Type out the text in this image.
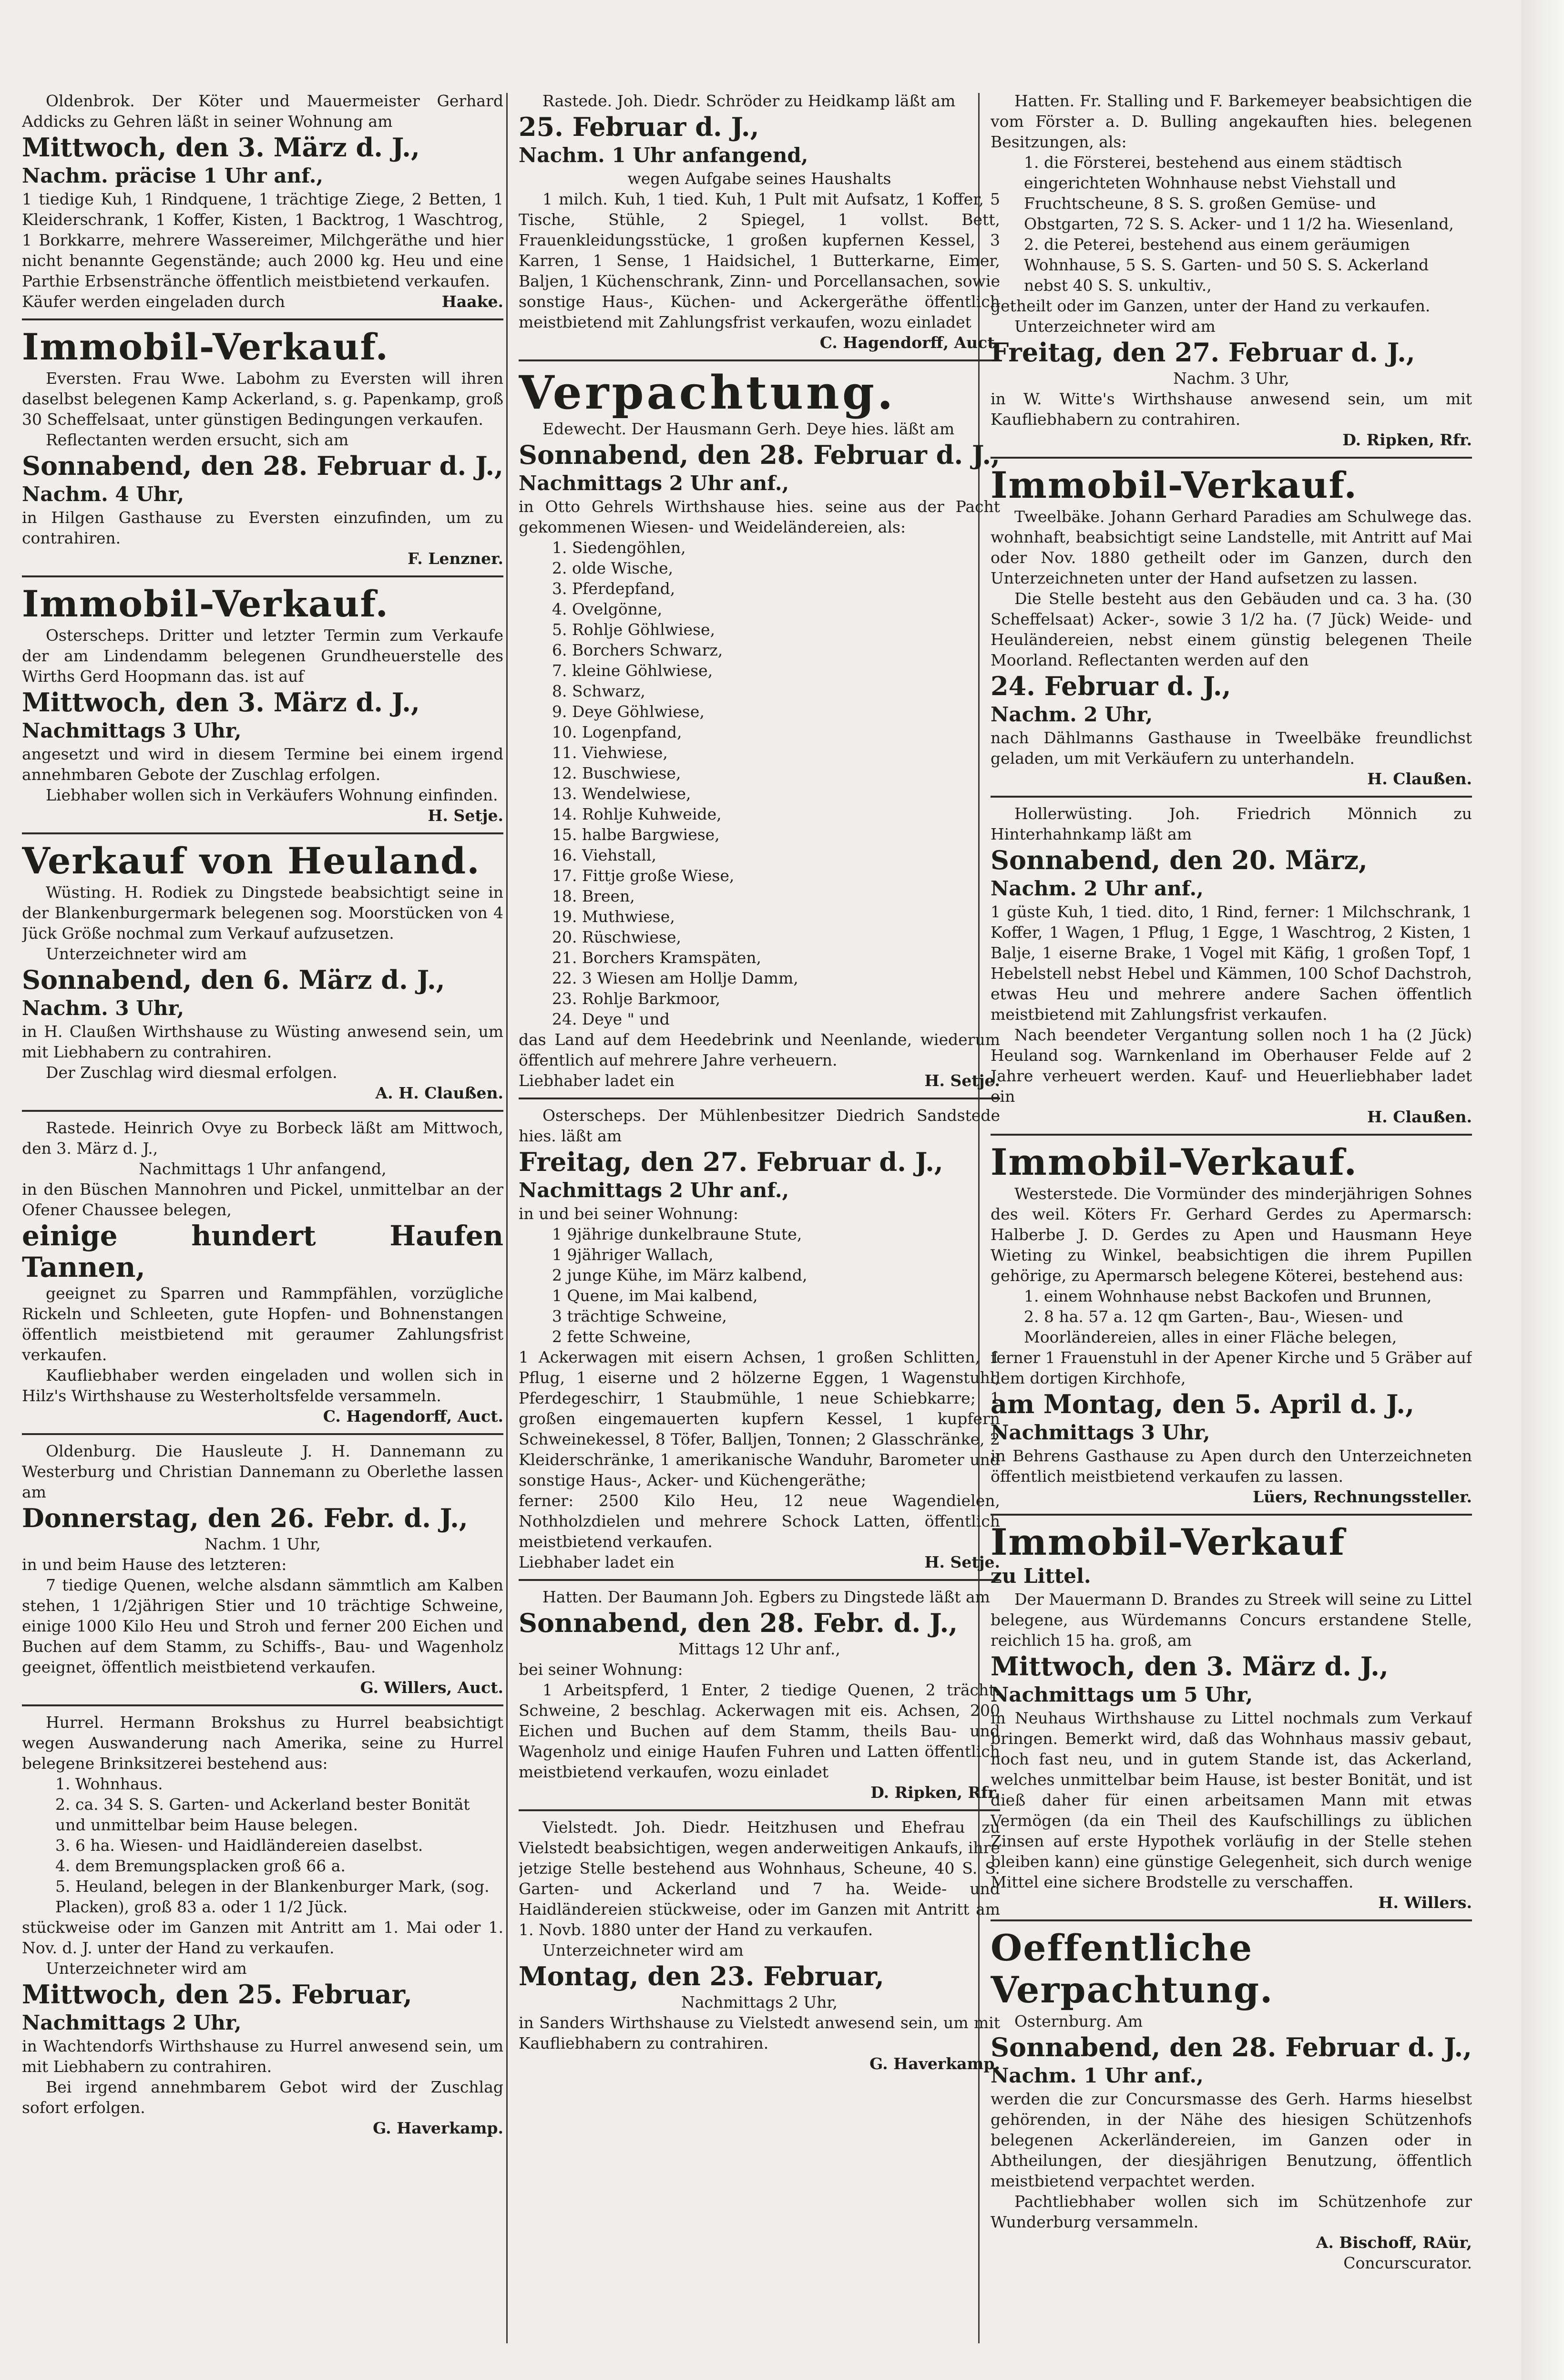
Oldenbrok. Der Köter und Mauermeister Gerhard Addicks zu Gehren läßt in seiner Wohnung am

Mittwoch, den 3. März d. J.,

Nachm. präcise 1 Uhr anf.,

1 tiedige Kuh, 1 Rindquene, 1 trächtige Ziege, 2 Betten, 1 Kleiderschrank, 1 Koffer, Kisten, 1 Backtrog, 1 Waschtrog, 1 Borkkarre, mehrere Wassereimer, Milchgeräthe und hier nicht benannte Gegenstände; auch 2000 kg. Heu und eine Parthie Erbsenstränche öffentlich meistbietend verkaufen.

Käufer werden eingeladen durch	Haake.

Immobil-Verkauf.

Eversten. Frau Wwe. Labohm zu Eversten will ihren daselbst belegenen Kamp Ackerland, s. g. Papenkamp, groß 30 Scheffelsaat, unter günstigen Bedingungen verkaufen.

Reflectanten werden ersucht, sich am

Sonnabend, den 28. Februar d. J.,

Nachm. 4 Uhr,

in Hilgen Gasthause zu Eversten einzufinden, um zu contrahiren.

F. Lenzner.

Immobil-Verkauf.

Osterscheps. Dritter und letzter Termin zum Verkaufe der am Lindendamm belegenen Grundheuerstelle des Wirths Gerd Hoopmann das. ist auf

Mittwoch, den 3. März d. J.,

Nachmittags 3 Uhr,

angesetzt und wird in diesem Termine bei einem irgend annehmbaren Gebote der Zuschlag erfolgen.

Liebhaber wollen sich in Verkäufers Wohnung einfinden.

H. Setje.

Verkauf von Heuland.

Wüsting. H. Rodiek zu Dingstede beabsichtigt seine in der Blankenburgermark belegenen sog. Moorstücken von 4 Jück Größe nochmal zum Verkauf aufzusetzen.

Unterzeichneter wird am

Sonnabend, den 6. März d. J.,

Nachm. 3 Uhr,

in H. Claußen Wirthshause zu Wüsting anwesend sein, um mit Liebhabern zu contrahiren.

Der Zuschlag wird diesmal erfolgen.

A. H. Claußen.

Rastede. Heinrich Ovye zu Borbeck läßt am Mittwoch, den 3. März d. J.,

Nachmittags 1 Uhr anfangend,

in den Büschen Mannohren und Pickel, unmittelbar an der Ofener Chaussee belegen,

einige hundert Haufen Tannen,

geeignet zu Sparren und Rammpfählen, vorzügliche Rickeln und Schleeten, gute Hopfen- und Bohnenstangen öffentlich meistbietend mit geraumer Zahlungsfrist verkaufen.

Kaufliebhaber werden eingeladen und wollen sich in Hilz's Wirthshause zu Westerholtsfelde versammeln.

C. Hagendorff, Auct.

Oldenburg. Die Hausleute J. H. Dannemann zu Westerburg und Christian Dannemann zu Oberlethe lassen am

Donnerstag, den 26. Febr. d. J.,

Nachm. 1 Uhr,

in und beim Hause des letzteren:

7 tiedige Quenen, welche alsdann sämmtlich am Kalben stehen, 1 1/2jährigen Stier und 10 trächtige Schweine, einige 1000 Kilo Heu und Stroh und ferner 200 Eichen und Buchen auf dem Stamm, zu Schiffs-, Bau- und Wagenholz geeignet, öffentlich meistbietend verkaufen.

G. Willers, Auct.

Hurrel. Hermann Brokshus zu Hurrel beabsichtigt wegen Auswanderung nach Amerika, seine zu Hurrel belegene Brinksitzerei bestehend aus:

1. Wohnhaus.
2. ca. 34 S. S. Garten- und Ackerland bester Bonität und unmittelbar beim Hause belegen.
3. 6 ha. Wiesen- und Haidländereien daselbst.
4. dem Bremungsplacken groß 66 a.
5. Heuland, belegen in der Blankenburger Mark, (sog. Placken), groß 83 a. oder 1 1/2 Jück.

stückweise oder im Ganzen mit Antritt am 1. Mai oder 1. Nov. d. J. unter der Hand zu verkaufen.

Unterzeichneter wird am

Mittwoch, den 25. Februar,

Nachmittags 2 Uhr,

in Wachtendorfs Wirthshause zu Hurrel anwesend sein, um mit Liebhabern zu contrahiren.

Bei irgend annehmbarem Gebot wird der Zuschlag sofort erfolgen.

G. Haverkamp.

Rastede. Joh. Diedr. Schröder zu Heidkamp läßt am

25. Februar d. J.,

Nachm. 1 Uhr anfangend,

wegen Aufgabe seines Haushalts

1 milch. Kuh, 1 tied. Kuh, 1 Pult mit Aufsatz, 1 Koffer, 5 Tische, Stühle, 2 Spiegel, 1 vollst. Bett, Frauenkleidungsstücke, 1 großen kupfernen Kessel, 3 Karren, 1 Sense, 1 Haidsichel, 1 Butterkarne, Eimer, Baljen, 1 Küchenschrank, Zinn- und Porcellansachen, sowie sonstige Haus-, Küchen- und Ackergeräthe öffentlich meistbietend mit Zahlungsfrist verkaufen, wozu einladet

C. Hagendorff, Auct.

Verpachtung.

Edewecht. Der Hausmann Gerh. Deye hies. läßt am

Sonnabend, den 28. Februar d. J.,

Nachmittags 2 Uhr anf.,

in Otto Gehrels Wirthshause hies. seine aus der Pacht gekommenen Wiesen- und Weideländereien, als:

1. Siedengöhlen,
2. olde Wische,
3. Pferdepfand,
4. Ovelgönne,
5. Rohlje Göhlwiese,
6. Borchers Schwarz,
7. kleine Göhlwiese,
8. Schwarz,
9. Deye Göhlwiese,
10. Logenpfand,
11. Viehwiese,
12. Buschwiese,
13. Wendelwiese,
14. Rohlje Kuhweide,
15. halbe Bargwiese,
16. Viehstall,
17. Fittje große Wiese,
18. Breen,
19. Muthwiese,
20. Rüschwiese,
21. Borchers Kramspäten,
22. 3 Wiesen am Hollje Damm,
23. Rohlje Barkmoor,
24. Deye " und

das Land auf dem Heedebrink und Neenlande, wiederum öffentlich auf mehrere Jahre verheuern.

Liebhaber ladet ein	H. Setje.

Osterscheps. Der Mühlenbesitzer Diedrich Sandstede hies. läßt am

Freitag, den 27. Februar d. J.,

Nachmittags 2 Uhr anf.,

in und bei seiner Wohnung:

1 9jährige dunkelbraune Stute,
1 9jähriger Wallach,
2 junge Kühe, im März kalbend,
1 Quene, im Mai kalbend,
3 trächtige Schweine,
2 fette Schweine,

1 Ackerwagen mit eisern Achsen, 1 großen Schlitten, 1 Pflug, 1 eiserne und 2 hölzerne Eggen, 1 Wagenstuhl, Pferdegeschirr, 1 Staubmühle, 1 neue Schiebkarre; 1 großen eingemauerten kupfern Kessel, 1 kupfern Schweinekessel, 8 Töfer, Balljen, Tonnen; 2 Glasschränke, 2 Kleiderschränke, 1 amerikanische Wanduhr, Barometer und sonstige Haus-, Acker- und Küchengeräthe;

ferner: 2500 Kilo Heu, 12 neue Wagendielen, Nothholzdielen und mehrere Schock Latten, öffentlich meistbietend verkaufen.

Liebhaber ladet ein	H. Setje.

Hatten. Der Baumann Joh. Egbers zu Dingstede läßt am

Sonnabend, den 28. Febr. d. J.,

Mittags 12 Uhr anf.,

bei seiner Wohnung:

1 Arbeitspferd, 1 Enter, 2 tiedige Quenen, 2 trächt. Schweine, 2 beschlag. Ackerwagen mit eis. Achsen, 200 Eichen und Buchen auf dem Stamm, theils Bau- und Wagenholz und einige Haufen Fuhren und Latten öffentlich meistbietend verkaufen, wozu einladet

D. Ripken, Rfr.

Vielstedt. Joh. Diedr. Heitzhusen und Ehefrau zu Vielstedt beabsichtigen, wegen anderweitigen Ankaufs, ihre jetzige Stelle bestehend aus Wohnhaus, Scheune, 40 S. S. Garten- und Ackerland und 7 ha. Weide- und Haidländereien stückweise, oder im Ganzen mit Antritt am 1. Novb. 1880 unter der Hand zu verkaufen.

Unterzeichneter wird am

Montag, den 23. Februar,

Nachmittags 2 Uhr,

in Sanders Wirthshause zu Vielstedt anwesend sein, um mit Kaufliebhabern zu contrahiren.

G. Haverkamp.

Hatten. Fr. Stalling und F. Barkemeyer beabsichtigen die vom Förster a. D. Bulling angekauften hies. belegenen Besitzungen, als:

1. die Försterei, bestehend aus einem städtisch eingerichteten Wohnhause nebst Viehstall und Fruchtscheune, 8 S. S. großen Gemüse- und Obstgarten, 72 S. S. Acker- und 1 1/2 ha. Wiesenland,
2. die Peterei, bestehend aus einem geräumigen Wohnhause, 5 S. S. Garten- und 50 S. S. Ackerland nebst 40 S. S. unkultiv.,

getheilt oder im Ganzen, unter der Hand zu verkaufen.

Unterzeichneter wird am

Freitag, den 27. Februar d. J.,

Nachm. 3 Uhr,

in W. Witte's Wirthshause anwesend sein, um mit Kaufliebhabern zu contrahiren.

D. Ripken, Rfr.

Immobil-Verkauf.

Tweelbäke. Johann Gerhard Paradies am Schulwege das. wohnhaft, beabsichtigt seine Landstelle, mit Antritt auf Mai oder Nov. 1880 getheilt oder im Ganzen, durch den Unterzeichneten unter der Hand aufsetzen zu lassen.

Die Stelle besteht aus den Gebäuden und ca. 3 ha. (30 Scheffelsaat) Acker-, sowie 3 1/2 ha. (7 Jück) Weide- und Heuländereien, nebst einem günstig belegenen Theile Moorland. Reflectanten werden auf den

24. Februar d. J.,

Nachm. 2 Uhr,

nach Dählmanns Gasthause in Tweelbäke freundlichst geladen, um mit Verkäufern zu unterhandeln.

H. Claußen.

Hollerwüsting. Joh. Friedrich Mönnich zu Hinterhahnkamp läßt am

Sonnabend, den 20. März,

Nachm. 2 Uhr anf.,

1 güste Kuh, 1 tied. dito, 1 Rind, ferner: 1 Milchschrank, 1 Koffer, 1 Wagen, 1 Pflug, 1 Egge, 1 Waschtrog, 2 Kisten, 1 Balje, 1 eiserne Brake, 1 Vogel mit Käfig, 1 großen Topf, 1 Hebelstell nebst Hebel und Kämmen, 100 Schof Dachstroh, etwas Heu und mehrere andere Sachen öffentlich meistbietend mit Zahlungsfrist verkaufen.

Nach beendeter Vergantung sollen noch 1 ha (2 Jück) Heuland sog. Warnkenland im Oberhauser Felde auf 2 Jahre verheuert werden. Kauf- und Heuerliebhaber ladet ein

H. Claußen.

Immobil-Verkauf.

Westerstede. Die Vormünder des minderjährigen Sohnes des weil. Köters Fr. Gerhard Gerdes zu Apermarsch: Halberbe J. D. Gerdes zu Apen und Hausmann Heye Wieting zu Winkel, beabsichtigen die ihrem Pupillen gehörige, zu Apermarsch belegene Köterei, bestehend aus:

1. einem Wohnhause nebst Backofen und Brunnen,
2. 8 ha. 57 a. 12 qm Garten-, Bau-, Wiesen- und Moorländereien, alles in einer Fläche belegen,

ferner 1 Frauenstuhl in der Apener Kirche und 5 Gräber auf dem dortigen Kirchhofe,

am Montag, den 5. April d. J.,

Nachmittags 3 Uhr,

in Behrens Gasthause zu Apen durch den Unterzeichneten öffentlich meistbietend verkaufen zu lassen.

Lüers, Rechnungssteller.

Immobil-Verkauf

zu Littel.

Der Mauermann D. Brandes zu Streek will seine zu Littel belegene, aus Würdemanns Concurs erstandene Stelle, reichlich 15 ha. groß, am

Mittwoch, den 3. März d. J.,

Nachmittags um 5 Uhr,

in Neuhaus Wirthshause zu Littel nochmals zum Verkauf bringen. Bemerkt wird, daß das Wohnhaus massiv gebaut, noch fast neu, und in gutem Stande ist, das Ackerland, welches unmittelbar beim Hause, ist bester Bonität, und ist dieß daher für einen arbeitsamen Mann mit etwas Vermögen (da ein Theil des Kaufschillings zu üblichen Zinsen auf erste Hypothek vorläufig in der Stelle stehen bleiben kann) eine günstige Gelegenheit, sich durch wenige Mittel eine sichere Brodstelle zu verschaffen.

H. Willers.

Oeffentliche Verpachtung.

Osternburg. Am

Sonnabend, den 28. Februar d. J.,

Nachm. 1 Uhr anf.,

werden die zur Concursmasse des Gerh. Harms hieselbst gehörenden, in der Nähe des hiesigen Schützenhofs belegenen Ackerländereien, im Ganzen oder in Abtheilungen, der diesjährigen Benutzung, öffentlich meistbietend verpachtet werden.

Pachtliebhaber wollen sich im Schützenhofe zur Wunderburg versammeln.

A. Bischoff, RAür,

Concurscurator.
